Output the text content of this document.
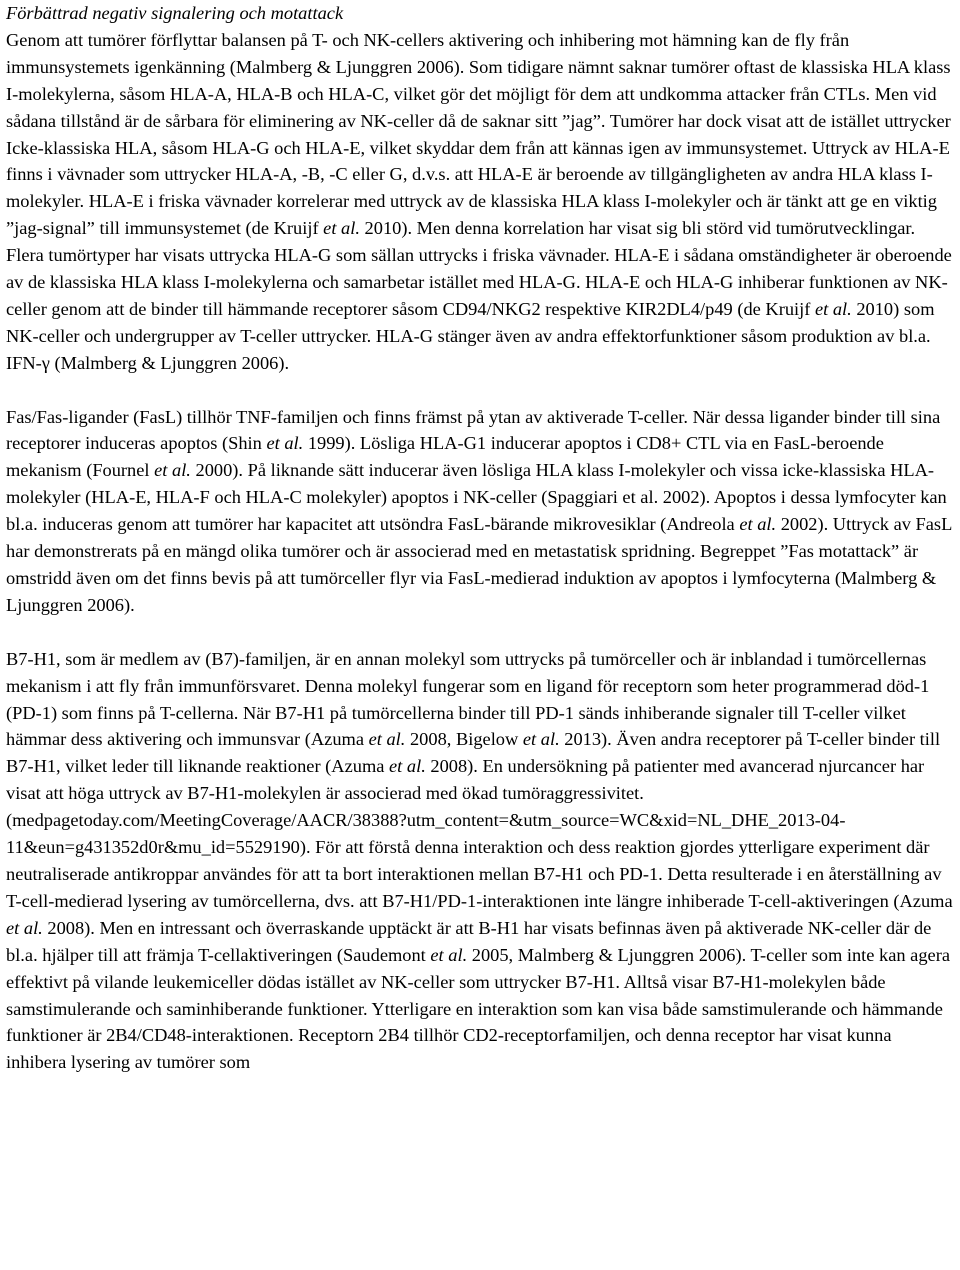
Förbättrad negativ signalering och motattack

Genom att tumörer förflyttar balansen på T- och NK-cellers aktivering och inhibering mot hämning kan de fly från immunsystemets igenkänning (Malmberg & Ljunggren 2006). Som tidigare nämnt saknar tumörer oftast de klassiska HLA klass I-molekylerna, såsom HLA-A, HLA-B och HLA-C, vilket gör det möjligt för dem att undkomma attacker från CTLs. Men vid sådana tillstånd är de sårbara för eliminering av NK-celler då de saknar sitt ”jag”. Tumörer har dock visat att de istället uttrycker Icke-klassiska HLA, såsom HLA-G och HLA-E, vilket skyddar dem från att kännas igen av immunsystemet. Uttryck av HLA-E finns i vävnader som uttrycker HLA-A, -B, -C eller G, d.v.s. att HLA-E är beroende av tillgängligheten av andra HLA klass I-molekyler. HLA-E i friska vävnader korrelerar med uttryck av de klassiska HLA klass I-molekyler och är tänkt att ge en viktig ”jag-signal” till immunsystemet (de Kruijf et al. 2010). Men denna korrelation har visat sig bli störd vid tumörutvecklingar. Flera tumörtyper har visats uttrycka HLA-G som sällan uttrycks i friska vävnader. HLA-E i sådana omständigheter är oberoende av de klassiska HLA klass I-molekylerna och samarbetar istället med HLA-G. HLA-E och HLA-G inhiberar funktionen av NK-celler genom att de binder till hämmande receptorer såsom CD94/NKG2 respektive KIR2DL4/p49 (de Kruijf et al. 2010) som NK-celler och undergrupper av T-celler uttrycker. HLA-G stänger även av andra effektorfunktioner såsom produktion av bl.a. IFN-γ (Malmberg & Ljunggren 2006).

Fas/Fas-ligander (FasL) tillhör TNF-familjen och finns främst på ytan av aktiverade T-celler. När dessa ligander binder till sina receptorer induceras apoptos (Shin et al. 1999). Lösliga HLA-G1 inducerar apoptos i CD8+ CTL via en FasL-beroende mekanism (Fournel et al. 2000). På liknande sätt inducerar även lösliga HLA klass I-molekyler och vissa icke-klassiska HLA-molekyler (HLA-E, HLA-F och HLA-C molekyler) apoptos i NK-celler (Spaggiari et al. 2002). Apoptos i dessa lymfocyter kan bl.a. induceras genom att tumörer har kapacitet att utsöndra FasL-bärande mikrovesiklar (Andreola et al. 2002). Uttryck av FasL har demonstrerats på en mängd olika tumörer och är associerad med en metastatisk spridning. Begreppet ”Fas motattack” är omstridd även om det finns bevis på att tumörceller flyr via FasL-medierad induktion av apoptos i lymfocyterna (Malmberg & Ljunggren 2006).

B7-H1, som är medlem av (B7)-familjen, är en annan molekyl som uttrycks på tumörceller och är inblandad i tumörcellernas mekanism i att fly från immunförsvaret. Denna molekyl fungerar som en ligand för receptorn som heter programmerad död-1 (PD-1) som finns på T-cellerna. När B7-H1 på tumörcellerna binder till PD-1 sänds inhiberande signaler till T-celler vilket hämmar dess aktivering och immunsvar (Azuma et al. 2008, Bigelow et al. 2013). Även andra receptorer på T-celler binder till B7-H1, vilket leder till liknande reaktioner (Azuma et al. 2008). En undersökning på patienter med avancerad njurcancer har visat att höga uttryck av B7-H1-molekylen är associerad med ökad tumöraggressivitet. (medpagetoday.com/MeetingCoverage/AACR/38388?utm_content=&utm_source=WC&xid=NL_DHE_2013-04-11&eun=g431352d0r&mu_id=5529190). För att förstå denna interaktion och dess reaktion gjordes ytterligare experiment där neutraliserade antikroppar användes för att ta bort interaktionen mellan B7-H1 och PD-1. Detta resulterade i en återställning av T-cell-medierad lysering av tumörcellerna, dvs. att B7-H1/PD-1-interaktionen inte längre inhiberade T-cell-aktiveringen (Azuma et al. 2008). Men en intressant och överraskande upptäckt är att B-H1 har visats befinnas även på aktiverade NK-celler där de bl.a. hjälper till att främja T-cellaktiveringen (Saudemont et al. 2005, Malmberg & Ljunggren 2006). T-celler som inte kan agera effektivt på vilande leukemiceller dödas istället av NK-celler som uttrycker B7-H1. Alltså visar B7-H1-molekylen både samstimulerande och saminhiberande funktioner. Ytterligare en interaktion som kan visa både samstimulerande och hämmande funktioner är 2B4/CD48-interaktionen. Receptorn 2B4 tillhör CD2-receptorfamiljen, och denna receptor har visat kunna inhibera lysering av tumörer som
